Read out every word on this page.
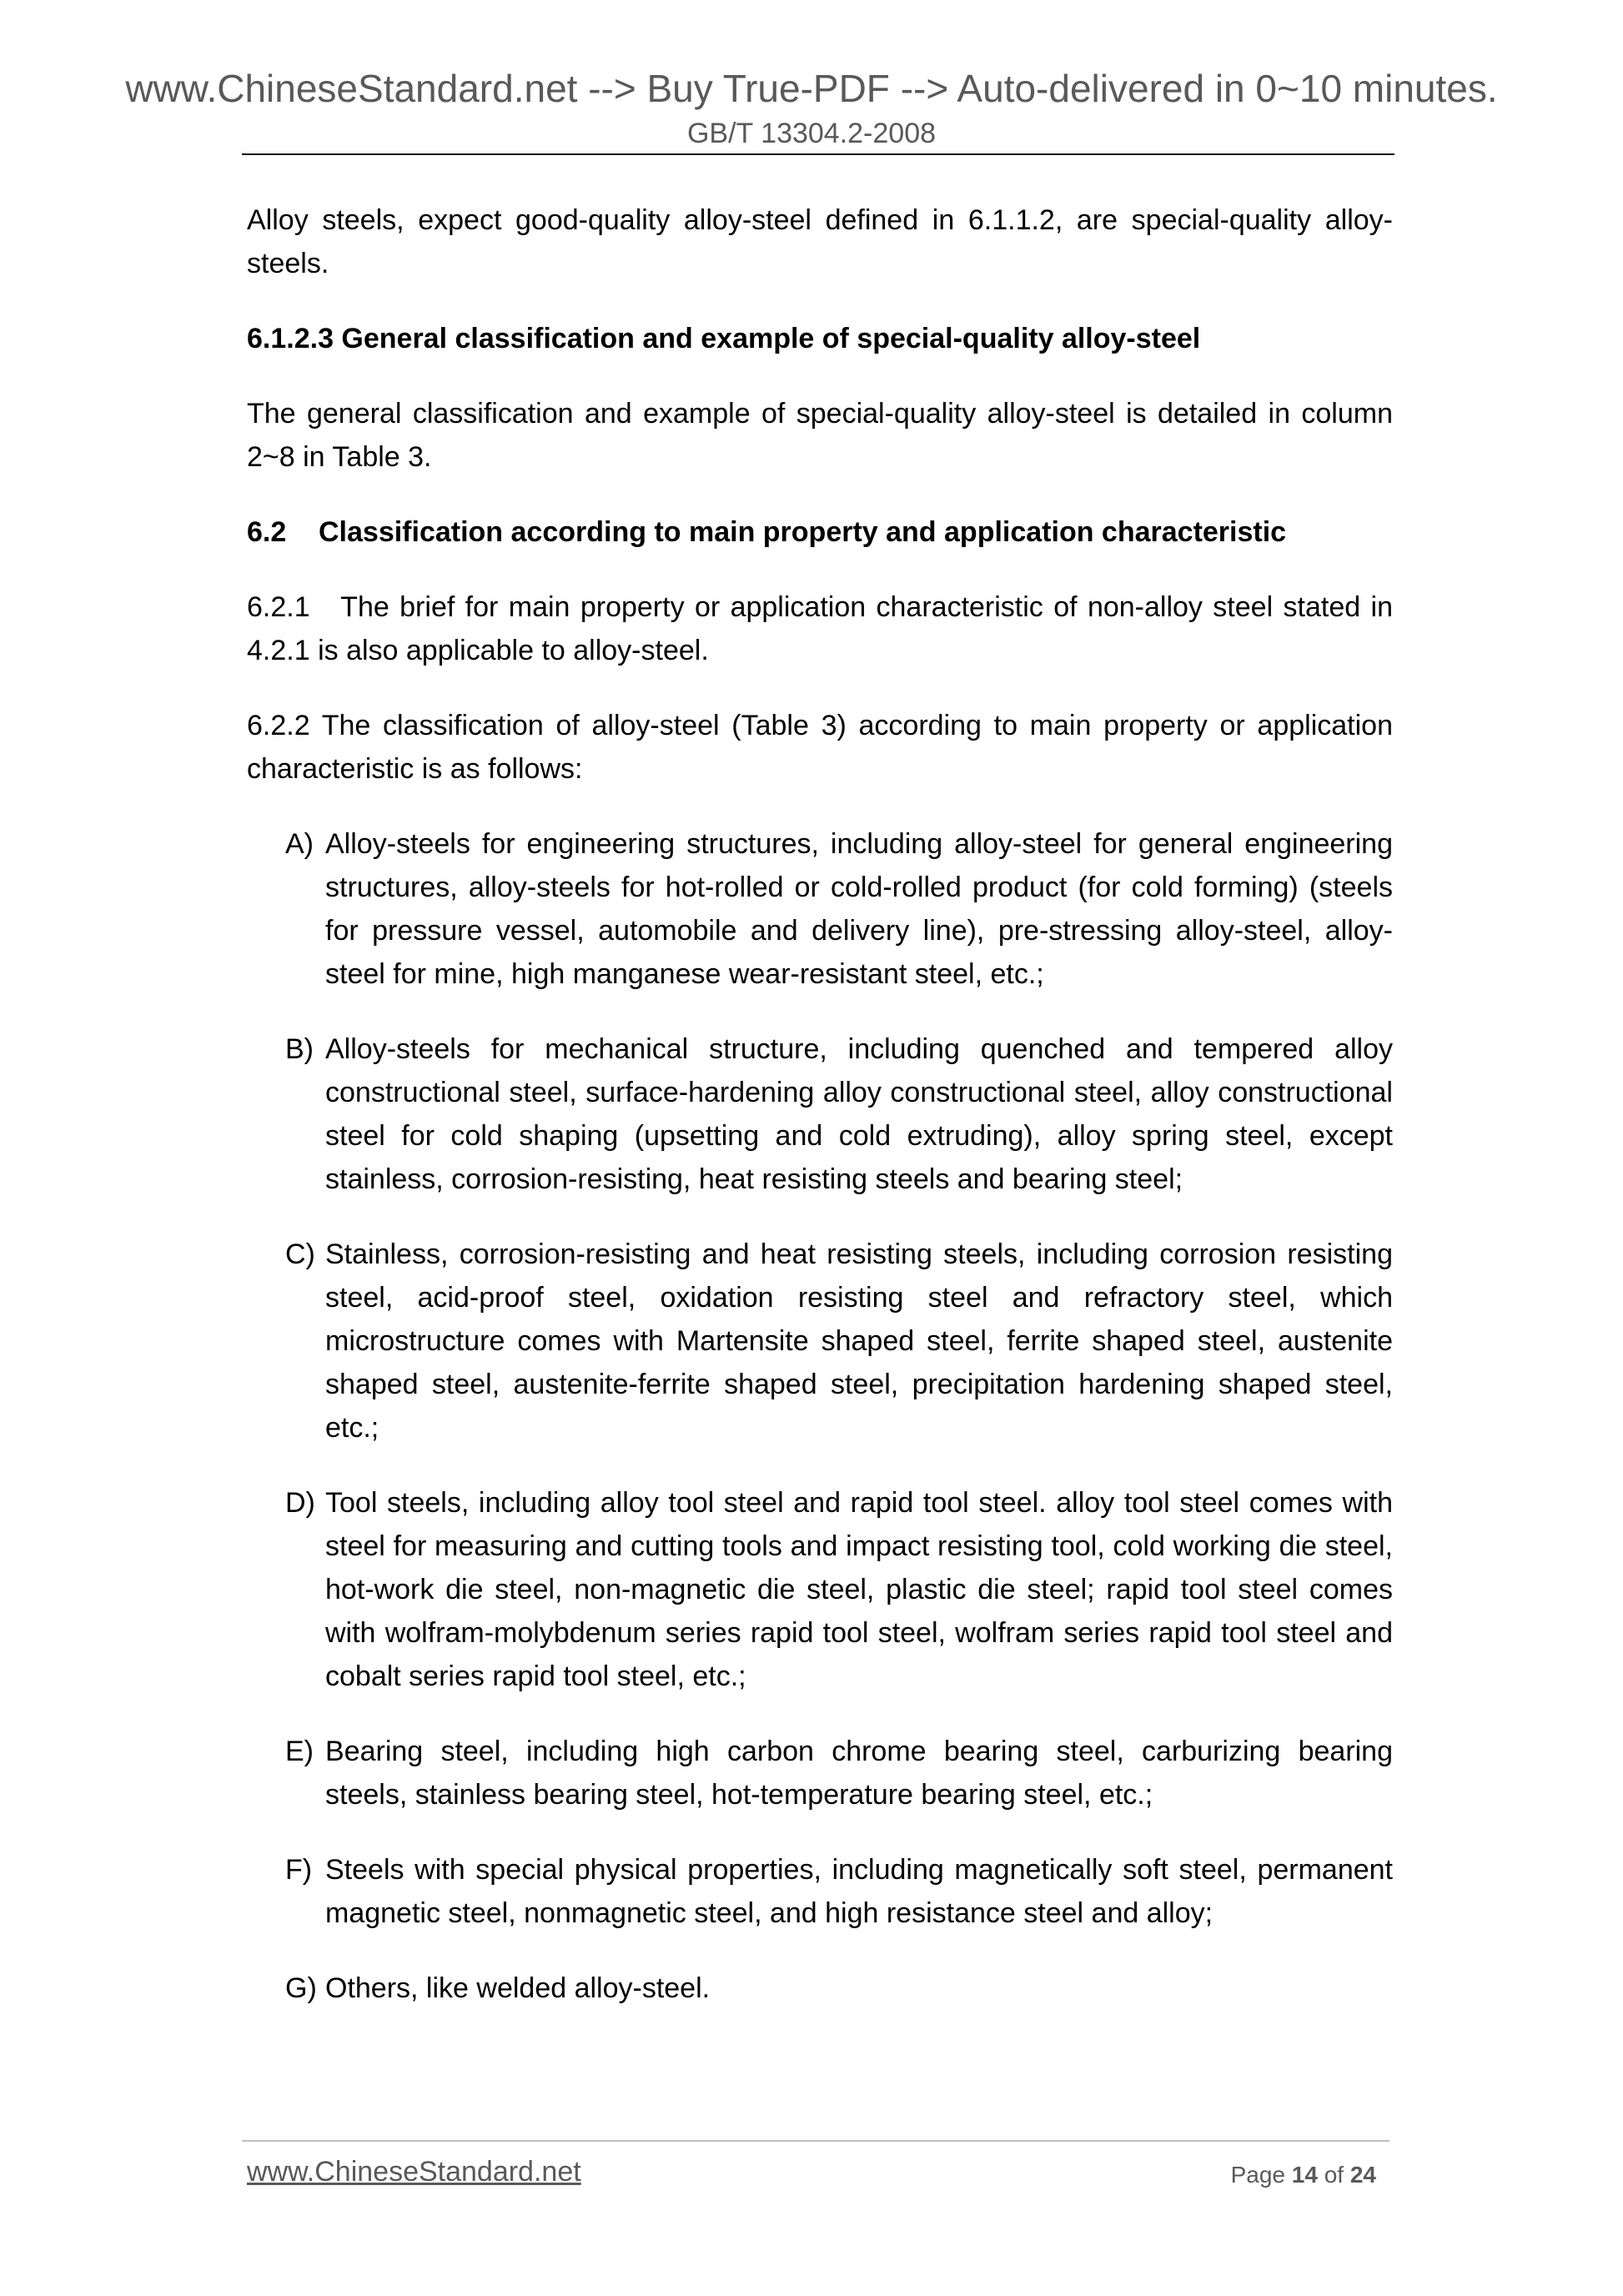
www.ChineseStandard.net --> Buy True-PDF --> Auto-delivered in 0~10 minutes.
GB/T 13304.2-2008

Alloy steels, expect good-quality alloy-steel defined in 6.1.1.2, are special-quality alloy-steels.

6.1.2.3 General classification and example of special-quality alloy-steel

The general classification and example of special-quality alloy-steel is detailed in column 2~8 in Table 3.

6.2 Classification according to main property and application characteristic

6.2.1   The brief for main property or application characteristic of non-alloy steel stated in 4.2.1 is also applicable to alloy-steel.

6.2.2 The classification of alloy-steel (Table 3) according to main property or application characteristic is as follows:

A) Alloy-steels for engineering structures, including alloy-steel for general engineering structures, alloy-steels for hot-rolled or cold-rolled product (for cold forming) (steels for pressure vessel, automobile and delivery line), pre-stressing alloy-steel, alloy-steel for mine, high manganese wear-resistant steel, etc.;
B) Alloy-steels for mechanical structure, including quenched and tempered alloy constructional steel, surface-hardening alloy constructional steel, alloy constructional steel for cold shaping (upsetting and cold extruding), alloy spring steel, except stainless, corrosion-resisting, heat resisting steels and bearing steel;
C) Stainless, corrosion-resisting and heat resisting steels, including corrosion resisting steel, acid-proof steel, oxidation resisting steel and refractory steel, which microstructure comes with Martensite shaped steel, ferrite shaped steel, austenite shaped steel, austenite-ferrite shaped steel, precipitation hardening shaped steel, etc.;
D) Tool steels, including alloy tool steel and rapid tool steel. alloy tool steel comes with steel for measuring and cutting tools and impact resisting tool, cold working die steel, hot-work die steel, non-magnetic die steel, plastic die steel; rapid tool steel comes with wolfram-molybdenum series rapid tool steel, wolfram series rapid tool steel and cobalt series rapid tool steel, etc.;
E) Bearing steel, including high carbon chrome bearing steel, carburizing bearing steels, stainless bearing steel, hot-temperature bearing steel, etc.;
F) Steels with special physical properties, including magnetically soft steel, permanent magnetic steel, nonmagnetic steel, and high resistance steel and alloy;
G) Others, like welded alloy-steel.
www.ChineseStandard.net	Page 14 of 24
